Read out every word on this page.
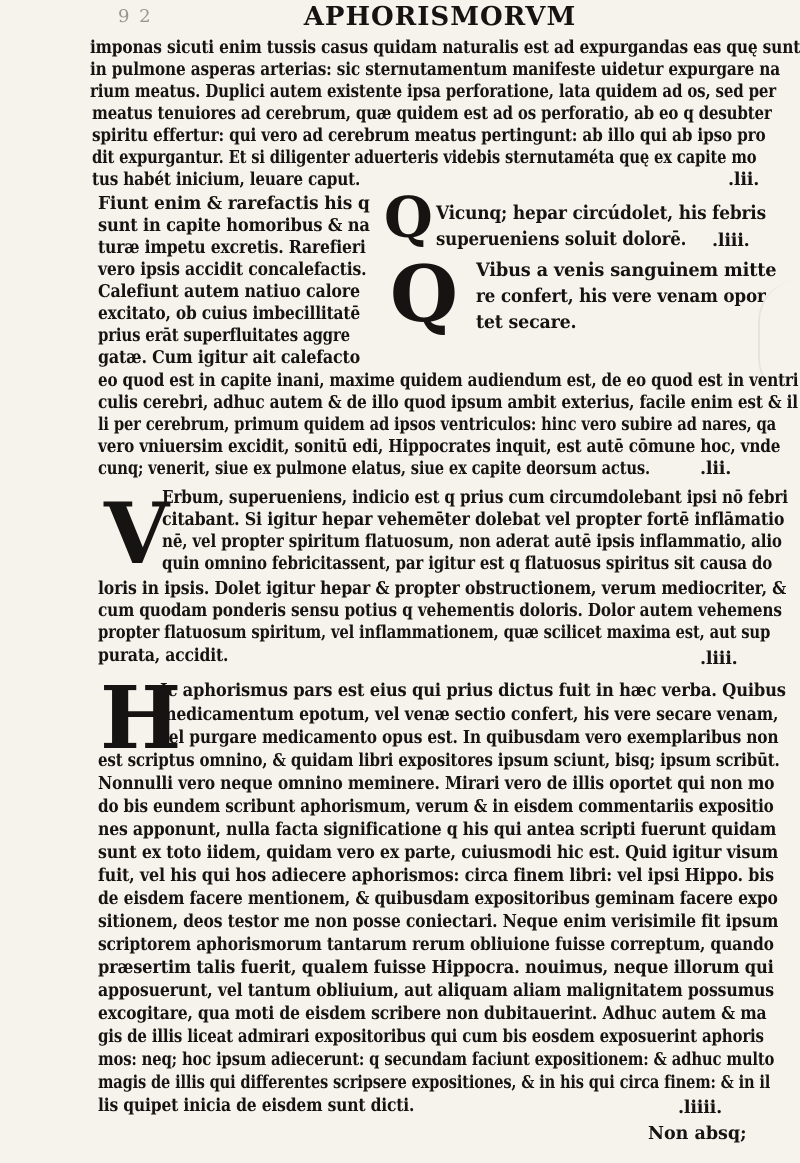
9 2	APHORISMORVM
imponas sicuti enim tussis casus quidam naturalis est ad expurgandas eas quę sunt
in pulmone asperas arterias: sic sternutamentum manifeste uidetur expurgare na
rium meatus. Duplici autem existente ipsa perforatione, lata quidem ad os, sed per
meatus tenuiores ad cerebrum, quæ quidem est ad os perforatio, ab eo q desubter
spiritu effertur: qui vero ad cerebrum meatus pertingunt: ab illo qui ab ipso pro
dit expurgantur. Et si diligenter aduerteris videbis sternutaméta quę ex capite mo
tus habét inicium, leuare caput.	.lii.
Fiunt enim & rarefactis his q
sunt in capite homoribus & na
turæ impetu excretis. Rarefieri
vero ipsis accidit concalefactis.
Calefiunt autem natiuo calore
excitato, ob cuius imbecillitatē
prius erāt superfluitates aggre
gatæ. Cum igitur ait calefacto
Q Vicunq; hepar circúdolet, his febris
superueniens soluit dolorē. .liii.
Q Vibus a venis sanguinem mitte
re confert, his vere venam opor
tet secare.
eo quod est in capite inani, maxime quidem audiendum est, de eo quod est in ventri
culis cerebri, adhuc autem & de illo quod ipsum ambit exterius, facile enim est & il
li per cerebrum, primum quidem ad ipsos ventriculos: hinc vero subire ad nares, qa
vero vniuersim excidit, sonitū edi, Hippocrates inquit, est autē cōmune hoc, vnde
cunq; venerit, siue ex pulmone elatus, siue ex capite deorsum actus.	.lii.
V
Erbum, superueniens, indicio est q prius cum circumdolebant ipsi nō febri
citabant. Si igitur hepar vehemēter dolebat vel propter fortē inflāmatio
nē, vel propter spiritum flatuosum, non aderat autē ipsis inflammatio, alio
quin omnino febricitassent, par igitur est q flatuosus spiritus sit causa do
loris in ipsis. Dolet igitur hepar & propter obstructionem, verum mediocriter, &
cum quodam ponderis sensu potius q vehementis doloris. Dolor autem vehemens
propter flatuosum spiritum, vel inflammationem, quæ scilicet maxima est, aut sup
purata, accidit.	.liii.
H
Ic aphorismus pars est eius qui prius dictus fuit in hæc verba. Quibus
medicamentum epotum, vel venæ sectio confert, his vere secare venam,
vel purgare medicamento opus est. In quibusdam vero exemplaribus non
est scriptus omnino, & quidam libri expositores ipsum sciunt, bisq; ipsum scribūt.
Nonnulli vero neque omnino meminere. Mirari vero de illis oportet qui non mo
do bis eundem scribunt aphorismum, verum & in eisdem commentariis expositio
nes apponunt, nulla facta significatione q his qui antea scripti fuerunt quidam
sunt ex toto iidem, quidam vero ex parte, cuiusmodi hic est. Quid igitur visum
fuit, vel his qui hos adiecere aphorismos: circa finem libri: vel ipsi Hippo. bis
de eisdem facere mentionem, & quibusdam expositoribus geminam facere expo
sitionem, deos testor me non posse coniectari. Neque enim verisimile fit ipsum
scriptorem aphorismorum tantarum rerum obliuione fuisse correptum, quando
præsertim talis fuerit, qualem fuisse Hippocra. nouimus, neque illorum qui
apposuerunt, vel tantum obliuium, aut aliquam aliam malignitatem possumus
excogitare, qua moti de eisdem scribere non dubitauerint. Adhuc autem & ma
gis de illis liceat admirari expositoribus qui cum bis eosdem exposuerint aphoris
mos: neq; hoc ipsum adiecerunt: q secundam faciunt expositionem: & adhuc multo
magis de illis qui differentes scripsere expositiones, & in his qui circa finem: & in il
lis quipet inicia de eisdem sunt dicti.	.liiii.
Non absq;
